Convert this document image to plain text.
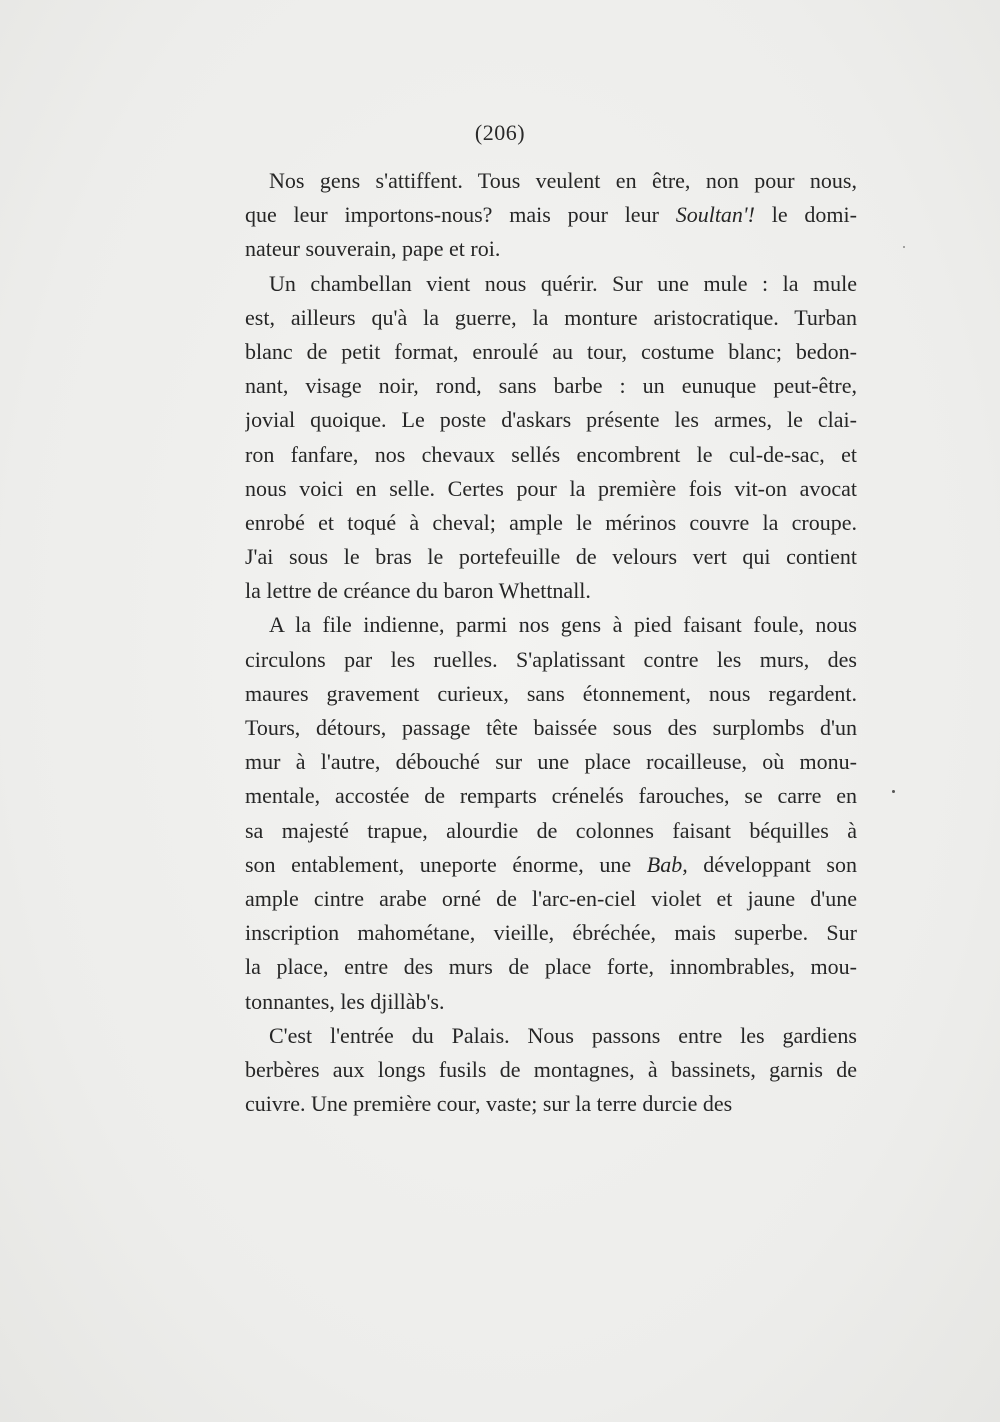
(206)
Nos gens s'attiffent. Tous veulent en être, non pour nous,
que leur importons-nous? mais pour leur Soultan'! le domi-
nateur souverain, pape et roi.
Un chambellan vient nous quérir. Sur une mule : la mule
est, ailleurs qu'à la guerre, la monture aristocratique. Turban
blanc de petit format, enroulé au tour, costume blanc; bedon-
nant, visage noir, rond, sans barbe : un eunuque peut-être,
jovial quoique. Le poste d'askars présente les armes, le clai-
ron fanfare, nos chevaux sellés encombrent le cul-de-sac, et
nous voici en selle. Certes pour la première fois vit-on avocat
enrobé et toqué à cheval; ample le mérinos couvre la croupe.
J'ai sous le bras le portefeuille de velours vert qui contient
la lettre de créance du baron Whettnall.
A la file indienne, parmi nos gens à pied faisant foule, nous
circulons par les ruelles. S'aplatissant contre les murs, des
maures gravement curieux, sans étonnement, nous regardent.
Tours, détours, passage tête baissée sous des surplombs d'un
mur à l'autre, débouché sur une place rocailleuse, où monu-
mentale, accostée de remparts crénelés farouches, se carre en
sa majesté trapue, alourdie de colonnes faisant béquilles à
son entablement, uneporte énorme, une Bab, développant son
ample cintre arabe orné de l'arc-en-ciel violet et jaune d'une
inscription mahométane, vieille, ébréchée, mais superbe. Sur
la place, entre des murs de place forte, innombrables, mou-
tonnantes, les djillàb's.
C'est l'entrée du Palais. Nous passons entre les gardiens
berbères aux longs fusils de montagnes, à bassinets, garnis de
cuivre. Une première cour, vaste; sur la terre durcie des
